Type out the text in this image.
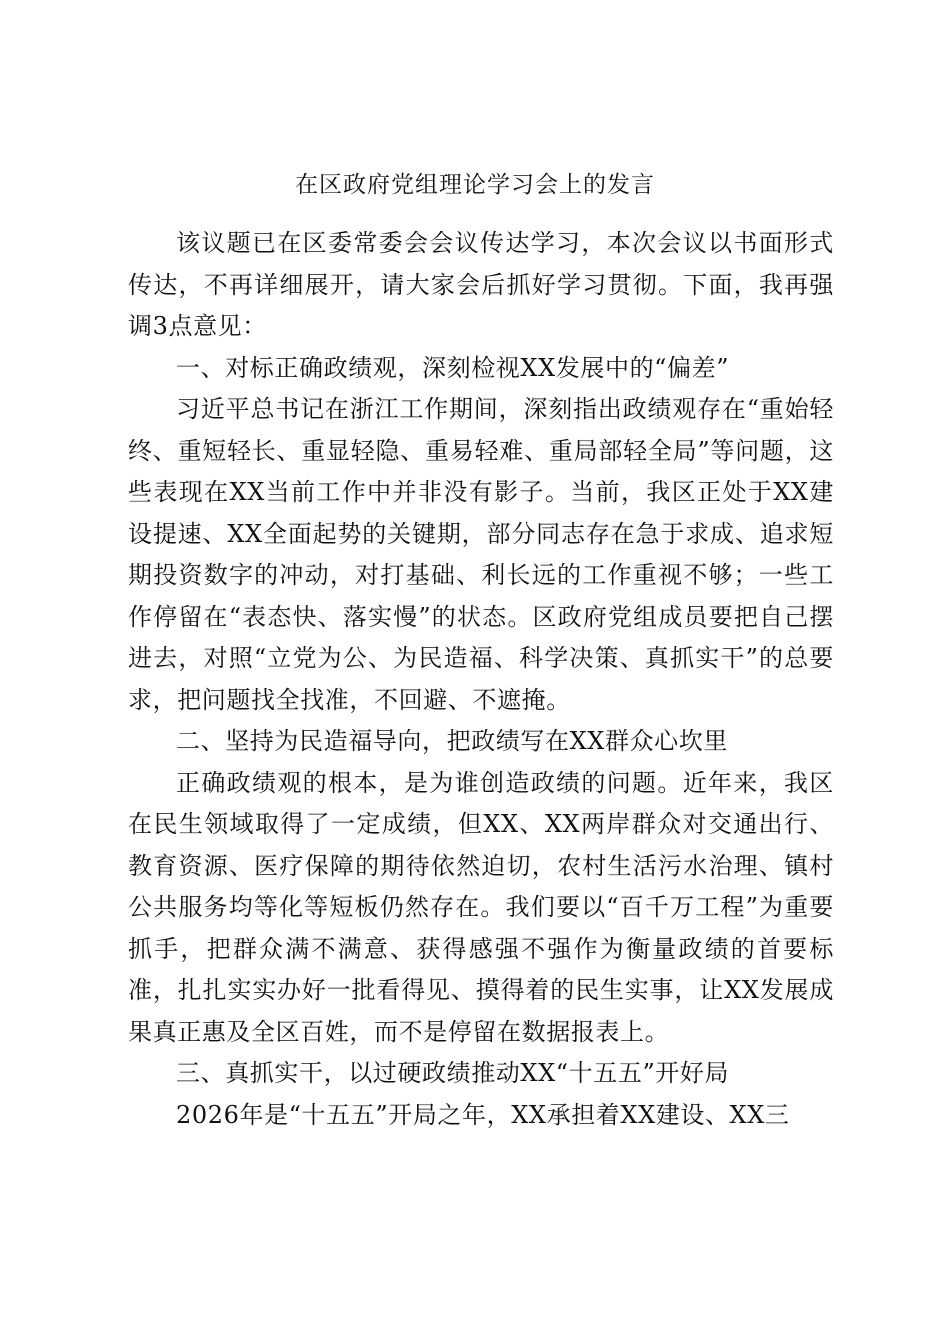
在区政府党组理论学习会上的发言

该议题已在区委常委会会议传达学习，本次会议以书面形式传达，不再详细展开，请大家会后抓好学习贯彻。下面，我再强调3点意见：

一、对标正确政绩观，深刻检视XX发展中的“偏差”

习近平总书记在浙江工作期间，深刻指出政绩观存在“重始轻终、重短轻长、重显轻隐、重易轻难、重局部轻全局”等问题，这些表现在XX当前工作中并非没有影子。当前，我区正处于XX建设提速、XX全面起势的关键期，部分同志存在急于求成、追求短期投资数字的冲动，对打基础、利长远的工作重视不够；一些工作停留在“表态快、落实慢”的状态。区政府党组成员要把自己摆进去，对照“立党为公、为民造福、科学决策、真抓实干”的总要求，把问题找全找准，不回避、不遮掩。

二、坚持为民造福导向，把政绩写在XX群众心坎里

正确政绩观的根本，是为谁创造政绩的问题。近年来，我区在民生领域取得了一定成绩，但XX、XX两岸群众对交通出行、教育资源、医疗保障的期待依然迫切，农村生活污水治理、镇村公共服务均等化等短板仍然存在。我们要以“百千万工程”为重要抓手，把群众满不满意、获得感强不强作为衡量政绩的首要标准，扎扎实实办好一批看得见、摸得着的民生实事，让XX发展成果真正惠及全区百姓，而不是停留在数据报表上。

三、真抓实干，以过硬政绩推动XX“十五五”开好局

2026年是“十五五”开局之年，XX承担着XX建设、XX三
